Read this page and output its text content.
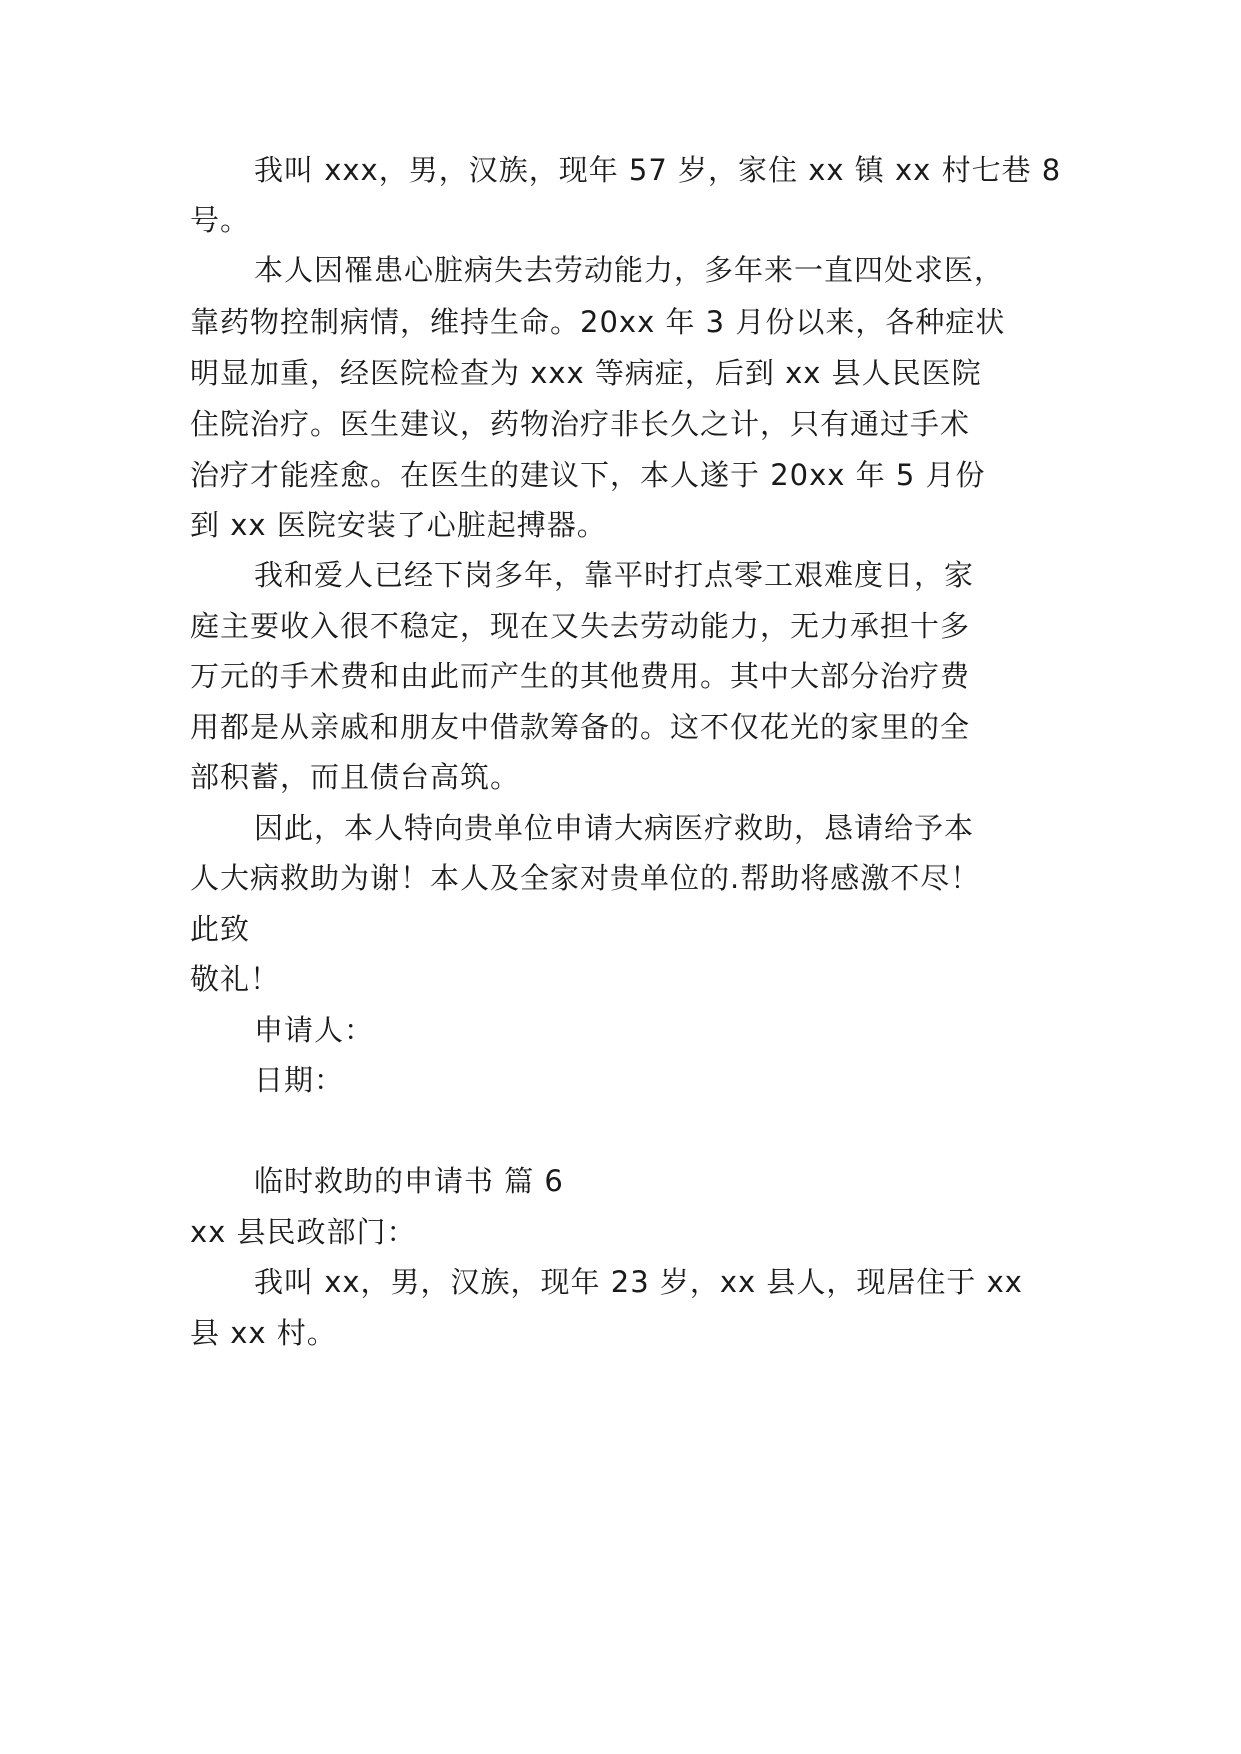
我叫 xxx，男，汉族，现年 57 岁，家住 xx 镇 xx 村七巷 8
号。
本人因罹患心脏病失去劳动能力，多年来一直四处求医，
靠药物控制病情，维持生命。20xx 年 3 月份以来，各种症状
明显加重，经医院检查为 xxx 等病症，后到 xx 县人民医院
住院治疗。医生建议，药物治疗非长久之计，只有通过手术
治疗才能痊愈。在医生的建议下，本人遂于 20xx 年 5 月份
到 xx 医院安装了心脏起搏器。
我和爱人已经下岗多年，靠平时打点零工艰难度日，家
庭主要收入很不稳定，现在又失去劳动能力，无力承担十多
万元的手术费和由此而产生的其他费用。其中大部分治疗费
用都是从亲戚和朋友中借款筹备的。这不仅花光的家里的全
部积蓄，而且债台高筑。
因此，本人特向贵单位申请大病医疗救助，恳请给予本
人大病救助为谢！本人及全家对贵单位的.帮助将感激不尽！
此致
敬礼！
申请人：
日期：
临时救助的申请书 篇 6
xx 县民政部门：
我叫 xx，男，汉族，现年 23 岁，xx 县人，现居住于 xx
县 xx 村。
